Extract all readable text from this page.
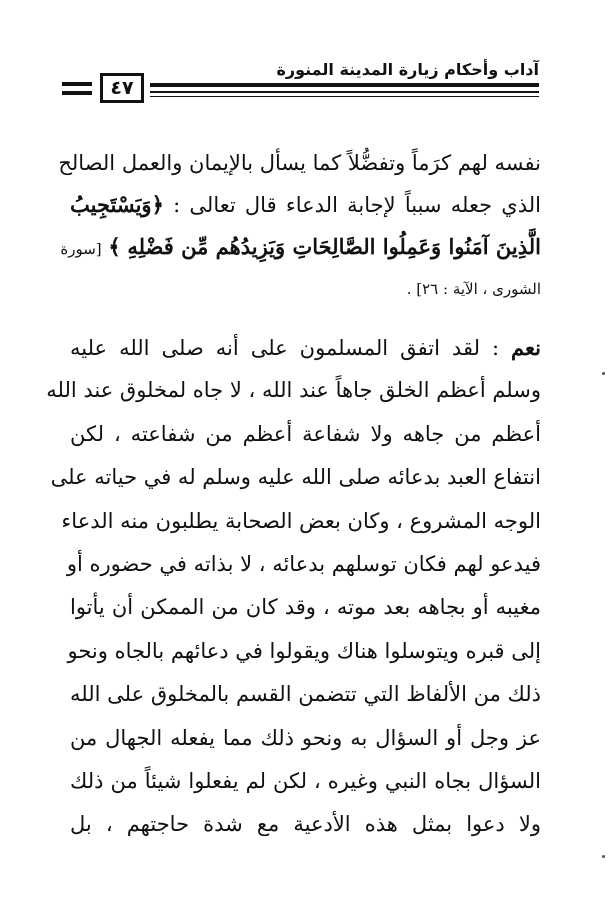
آداب وأحكام زيارة المدينة المنورة
٤٧
نفسه لهم كرَماً وتفضُّلاً كما يسأل بالإيمان والعمل الصالح
الذي جعله سبباً لإجابة الدعاء قال تعالى : ﴿وَيَسْتَجِيبُ
الَّذِينَ آمَنُوا وَعَمِلُوا الصَّالِحَاتِ وَيَزِيدُهُم مِّن فَضْلِهِ ﴾ [سورة
الشورى ، الآية : ٢٦] .
نعم : لقد اتفق المسلمون على أنه صلى الله عليه
وسلم أعظم الخلق جاهاً عند الله ، لا جاه لمخلوق عند الله
أعظم من جاهه ولا شفاعة أعظم من شفاعته ، لكن
انتفاع العبد بدعائه صلى الله عليه وسلم له في حياته على
الوجه المشروع ، وكان بعض الصحابة يطلبون منه الدعاء
فيدعو لهم فكان توسلهم بدعائه ، لا بذاته في حضوره أو
مغيبه أو بجاهه بعد موته ، وقد كان من الممكن أن يأتوا
إلى قبره ويتوسلوا هناك ويقولوا في دعائهم بالجاه ونحو
ذلك من الألفاظ التي تتضمن القسم بالمخلوق على الله
عز وجل أو السؤال به ونحو ذلك مما يفعله الجهال من
السؤال بجاه النبي وغيره ، لكن لم يفعلوا شيئاً من ذلك
ولا دعوا بمثل هذه الأدعية مع شدة حاجتهم ، بل
